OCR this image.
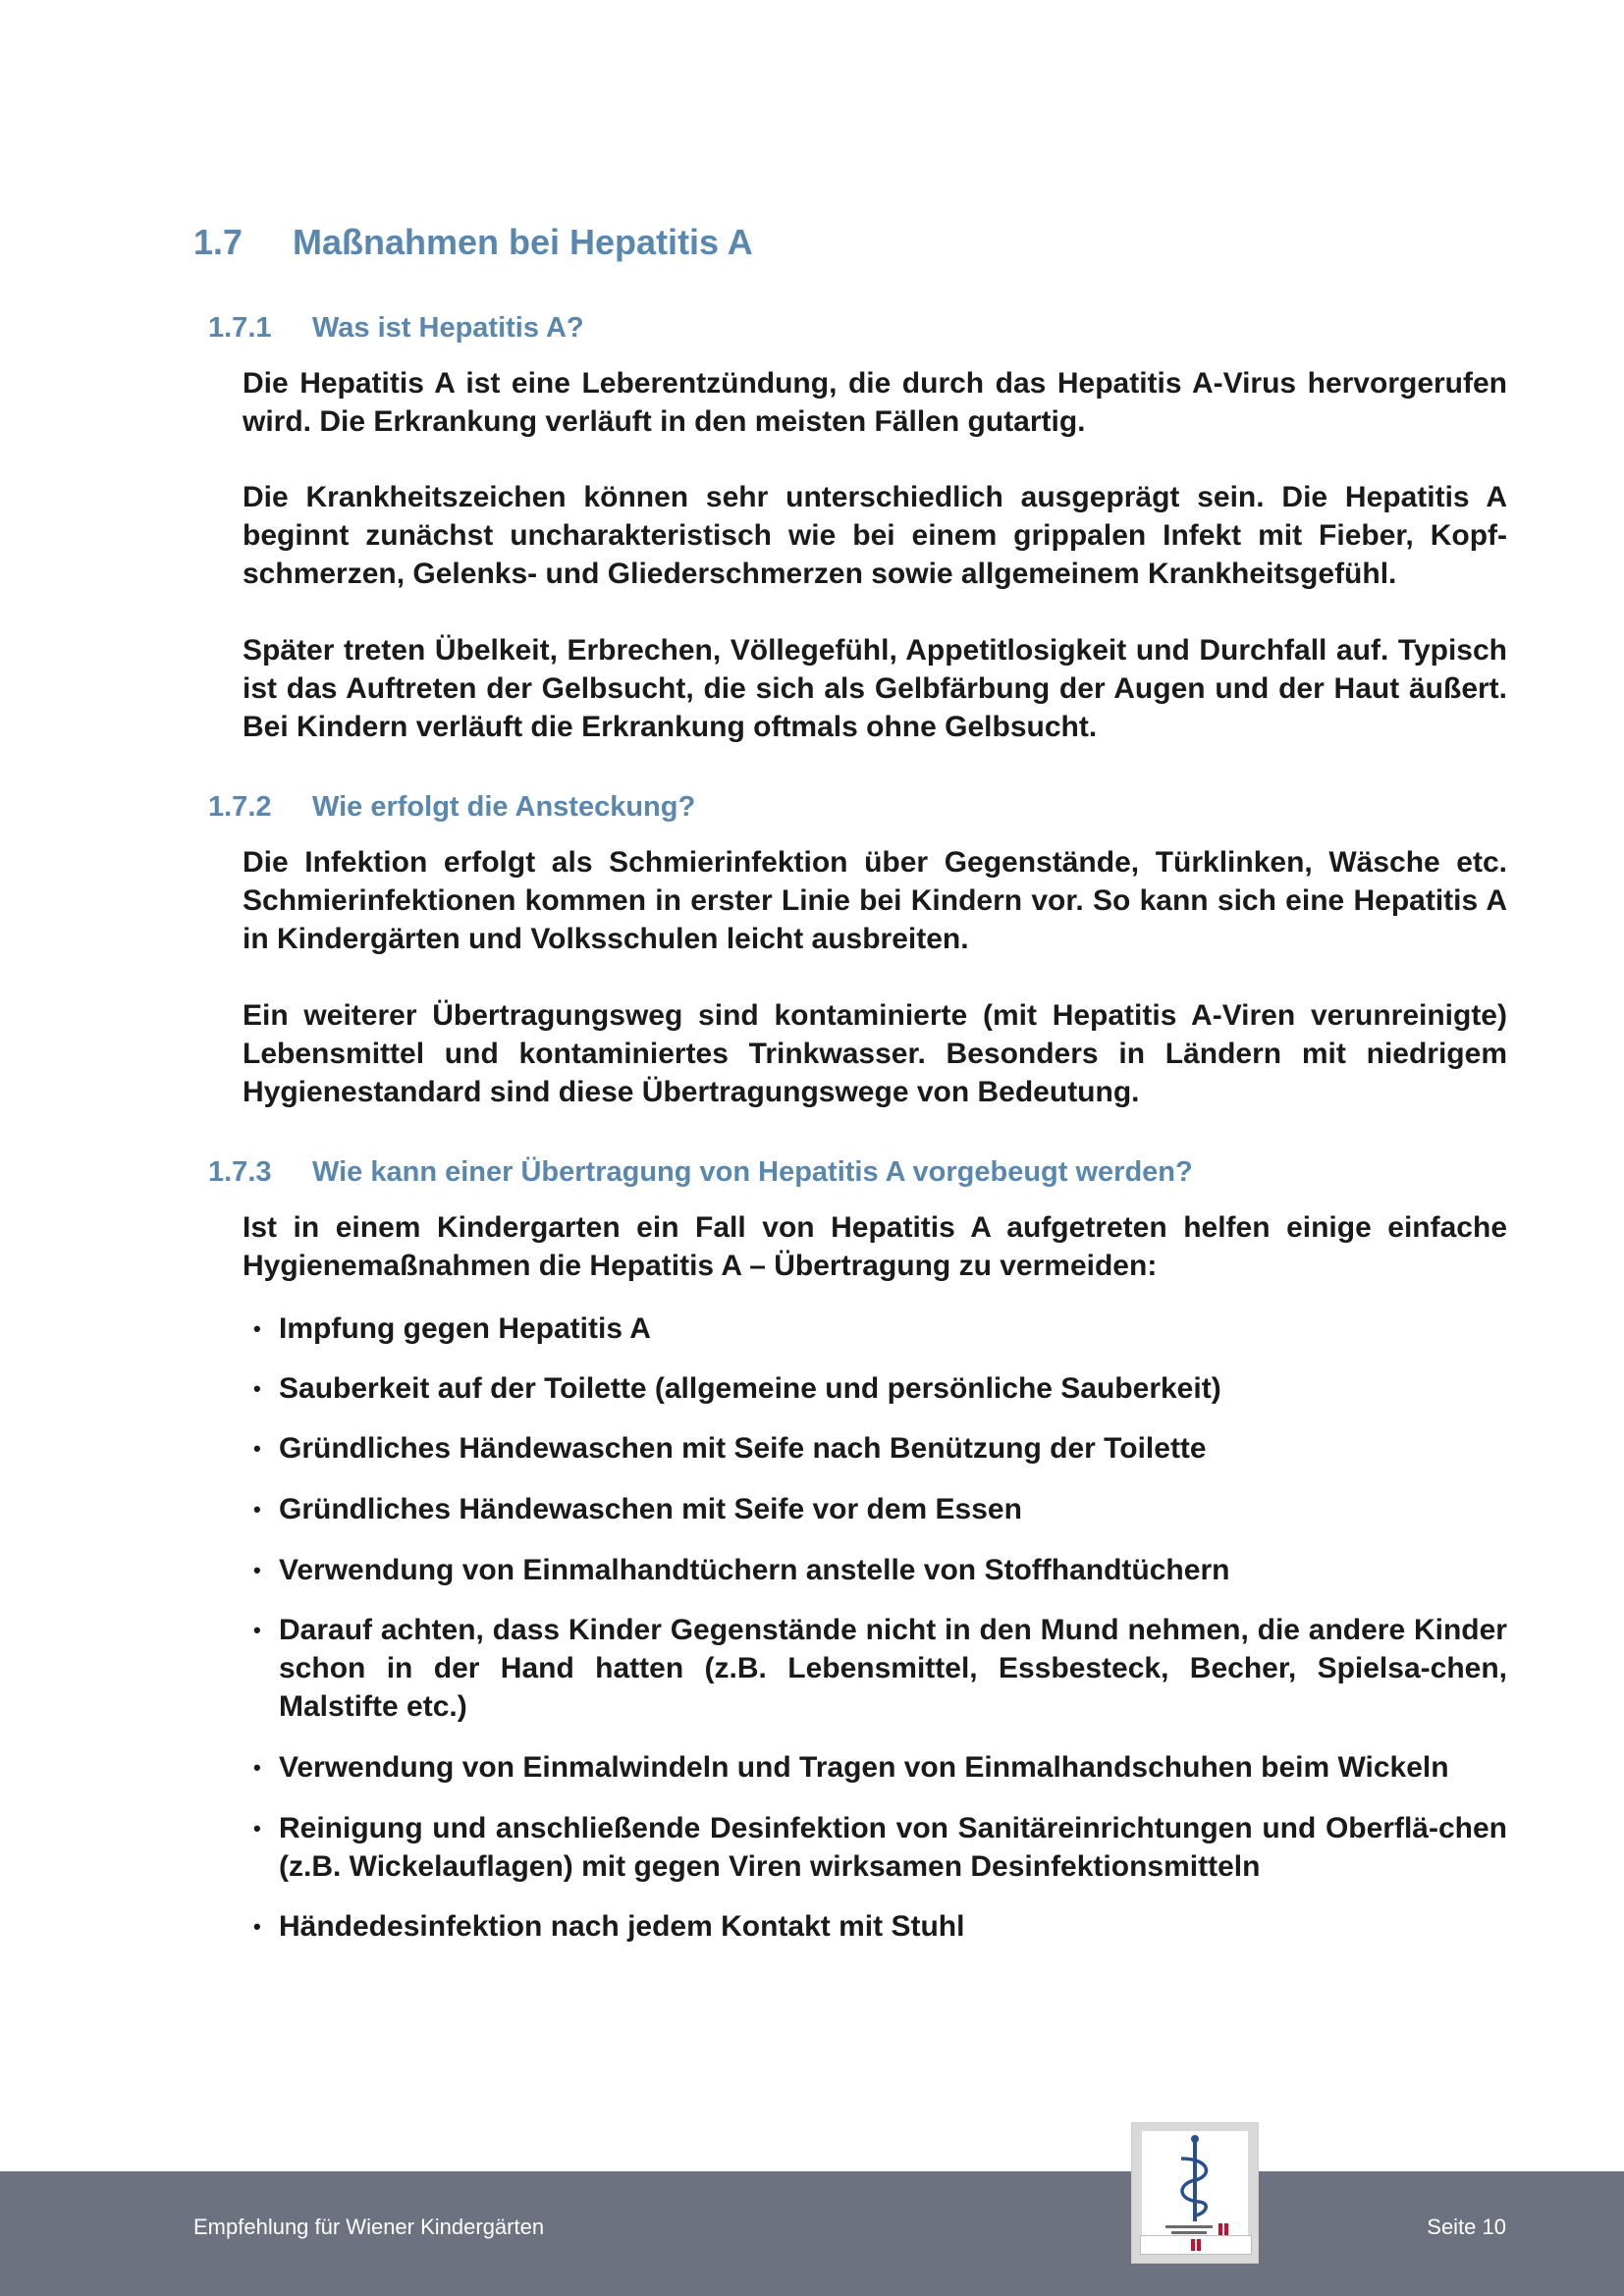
1.7 Maßnahmen bei Hepatitis A
1.7.1 Was ist Hepatitis A?

Die Hepatitis A ist eine Leberentzündung, die durch das Hepatitis A-Virus hervorgerufen wird. Die Erkrankung verläuft in den meisten Fällen gutartig.

Die Krankheitszeichen können sehr unterschiedlich ausgeprägt sein. Die Hepatitis A beginnt zunächst uncharakteristisch wie bei einem grippalen Infekt mit Fieber, Kopf-schmerzen, Gelenks- und Gliederschmerzen sowie allgemeinem Krankheitsgefühl.

Später treten Übelkeit, Erbrechen, Völlegefühl, Appetitlosigkeit und Durchfall auf. Typisch ist das Auftreten der Gelbsucht, die sich als Gelbfärbung der Augen und der Haut äußert. Bei Kindern verläuft die Erkrankung oftmals ohne Gelbsucht.

1.7.2 Wie erfolgt die Ansteckung?

Die Infektion erfolgt als Schmierinfektion über Gegenstände, Türklinken, Wäsche etc. Schmierinfektionen kommen in erster Linie bei Kindern vor. So kann sich eine Hepatitis A in Kindergärten und Volksschulen leicht ausbreiten.

Ein weiterer Übertragungsweg sind kontaminierte (mit Hepatitis A-Viren verunreinigte) Lebensmittel und kontaminiertes Trinkwasser. Besonders in Ländern mit niedrigem Hygienestandard sind diese Übertragungswege von Bedeutung.

1.7.3 Wie kann einer Übertragung von Hepatitis A vorgebeugt werden?

Ist in einem Kindergarten ein Fall von Hepatitis A aufgetreten helfen einige einfache Hygienemaßnahmen die Hepatitis A – Übertragung zu vermeiden:

• Impfung gegen Hepatitis A
• Sauberkeit auf der Toilette (allgemeine und persönliche Sauberkeit)
• Gründliches Händewaschen mit Seife nach Benützung der Toilette
• Gründliches Händewaschen mit Seife vor dem Essen
• Verwendung von Einmalhandtüchern anstelle von Stoffhandtüchern
• Darauf achten, dass Kinder Gegenstände nicht in den Mund nehmen, die andere Kinder schon in der Hand hatten (z.B. Lebensmittel, Essbesteck, Becher, Spielsa-chen, Malstifte etc.)
• Verwendung von Einmalwindeln und Tragen von Einmalhandschuhen beim Wickeln
• Reinigung und anschließende Desinfektion von Sanitäreinrichtungen und Oberflä-chen (z.B. Wickelauflagen) mit gegen Viren wirksamen Desinfektionsmitteln
• Händedesinfektion nach jedem Kontakt mit Stuhl
Empfehlung für Wiener Kindergärten	Seite 10
